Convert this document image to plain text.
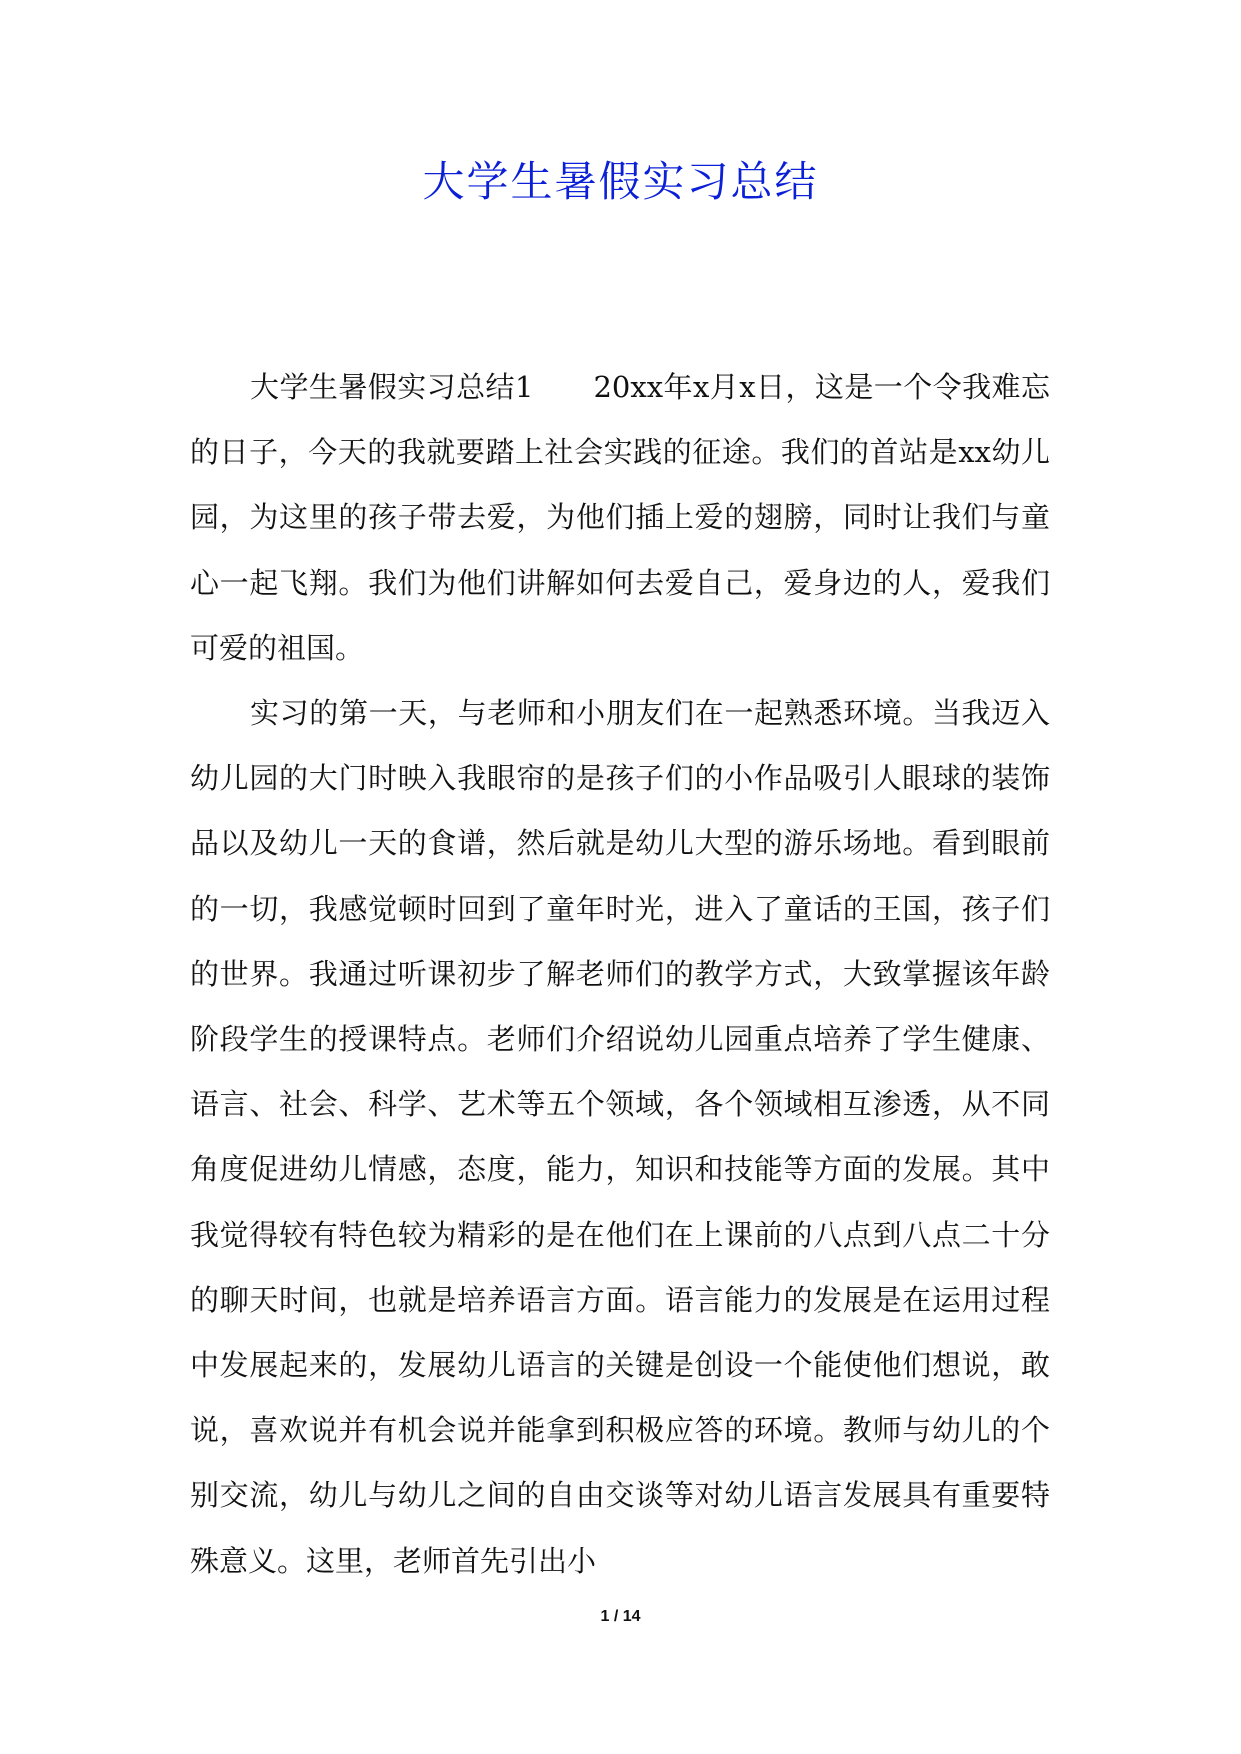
大学生暑假实习总结

大学生暑假实习总结1 20xx年x月x日，这是一个令我难忘的日子，今天的我就要踏上社会实践的征途。我们的首站是xx幼儿园，为这里的孩子带去爱，为他们插上爱的翅膀，同时让我们与童心一起飞翔。我们为他们讲解如何去爱自己，爱身边的人，爱我们可爱的祖国。

实习的第一天，与老师和小朋友们在一起熟悉环境。当我迈入幼儿园的大门时映入我眼帘的是孩子们的小作品吸引人眼球的装饰品以及幼儿一天的食谱，然后就是幼儿大型的游乐场地。看到眼前的一切，我感觉顿时回到了童年时光，进入了童话的王国，孩子们的世界。我通过听课初步了解老师们的教学方式，大致掌握该年龄阶段学生的授课特点。老师们介绍说幼儿园重点培养了学生健康、语言、社会、科学、艺术等五个领域，各个领域相互渗透，从不同角度促进幼儿情感，态度，能力，知识和技能等方面的发展。其中我觉得较有特色较为精彩的是在他们在上课前的八点到八点二十分的聊天时间，也就是培养语言方面。语言能力的发展是在运用过程中发展起来的，发展幼儿语言的关键是创设一个能使他们想说，敢说，喜欢说并有机会说并能拿到积极应答的环境。教师与幼儿的个别交流，幼儿与幼儿之间的自由交谈等对幼儿语言发展具有重要特殊意义。这里，老师首先引出小

1 / 14
